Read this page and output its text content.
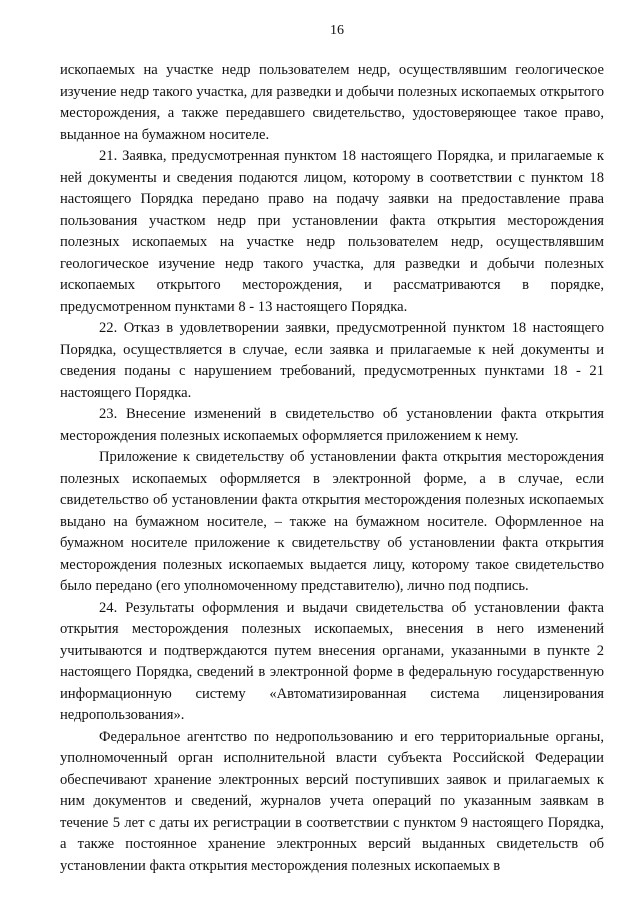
16

ископаемых на участке недр пользователем недр, осуществлявшим геологическое изучение недр такого участка, для разведки и добычи полезных ископаемых открытого месторождения, а также передавшего свидетельство, удостоверяющее такое право, выданное на бумажном носителе.

21. Заявка, предусмотренная пунктом 18 настоящего Порядка, и прилагаемые к ней документы и сведения подаются лицом, которому в соответствии с пунктом 18 настоящего Порядка передано право на подачу заявки на предоставление права пользования участком недр при установлении факта открытия месторождения полезных ископаемых на участке недр пользователем недр, осуществлявшим геологическое изучение недр такого участка, для разведки и добычи полезных ископаемых открытого месторождения, и рассматриваются в порядке, предусмотренном пунктами 8 - 13 настоящего Порядка.

22. Отказ в удовлетворении заявки, предусмотренной пунктом 18 настоящего Порядка, осуществляется в случае, если заявка и прилагаемые к ней документы и сведения поданы с нарушением требований, предусмотренных пунктами 18 - 21 настоящего Порядка.

23. Внесение изменений в свидетельство об установлении факта открытия месторождения полезных ископаемых оформляется приложением к нему.

Приложение к свидетельству об установлении факта открытия месторождения полезных ископаемых оформляется в электронной форме, а в случае, если свидетельство об установлении факта открытия месторождения полезных ископаемых выдано на бумажном носителе, – также на бумажном носителе. Оформленное на бумажном носителе приложение к свидетельству об установлении факта открытия месторождения полезных ископаемых выдается лицу, которому такое свидетельство было передано (его уполномоченному представителю), лично под подпись.

24. Результаты оформления и выдачи свидетельства об установлении факта открытия месторождения полезных ископаемых, внесения в него изменений учитываются и подтверждаются путем внесения органами, указанными в пункте 2 настоящего Порядка, сведений в электронной форме в федеральную государственную информационную систему «Автоматизированная система лицензирования недропользования».

Федеральное агентство по недропользованию и его территориальные органы, уполномоченный орган исполнительной власти субъекта Российской Федерации обеспечивают хранение электронных версий поступивших заявок и прилагаемых к ним документов и сведений, журналов учета операций по указанным заявкам в течение 5 лет с даты их регистрации в соответствии с пунктом 9 настоящего Порядка, а также постоянное хранение электронных версий выданных свидетельств об установлении факта открытия месторождения полезных ископаемых в
